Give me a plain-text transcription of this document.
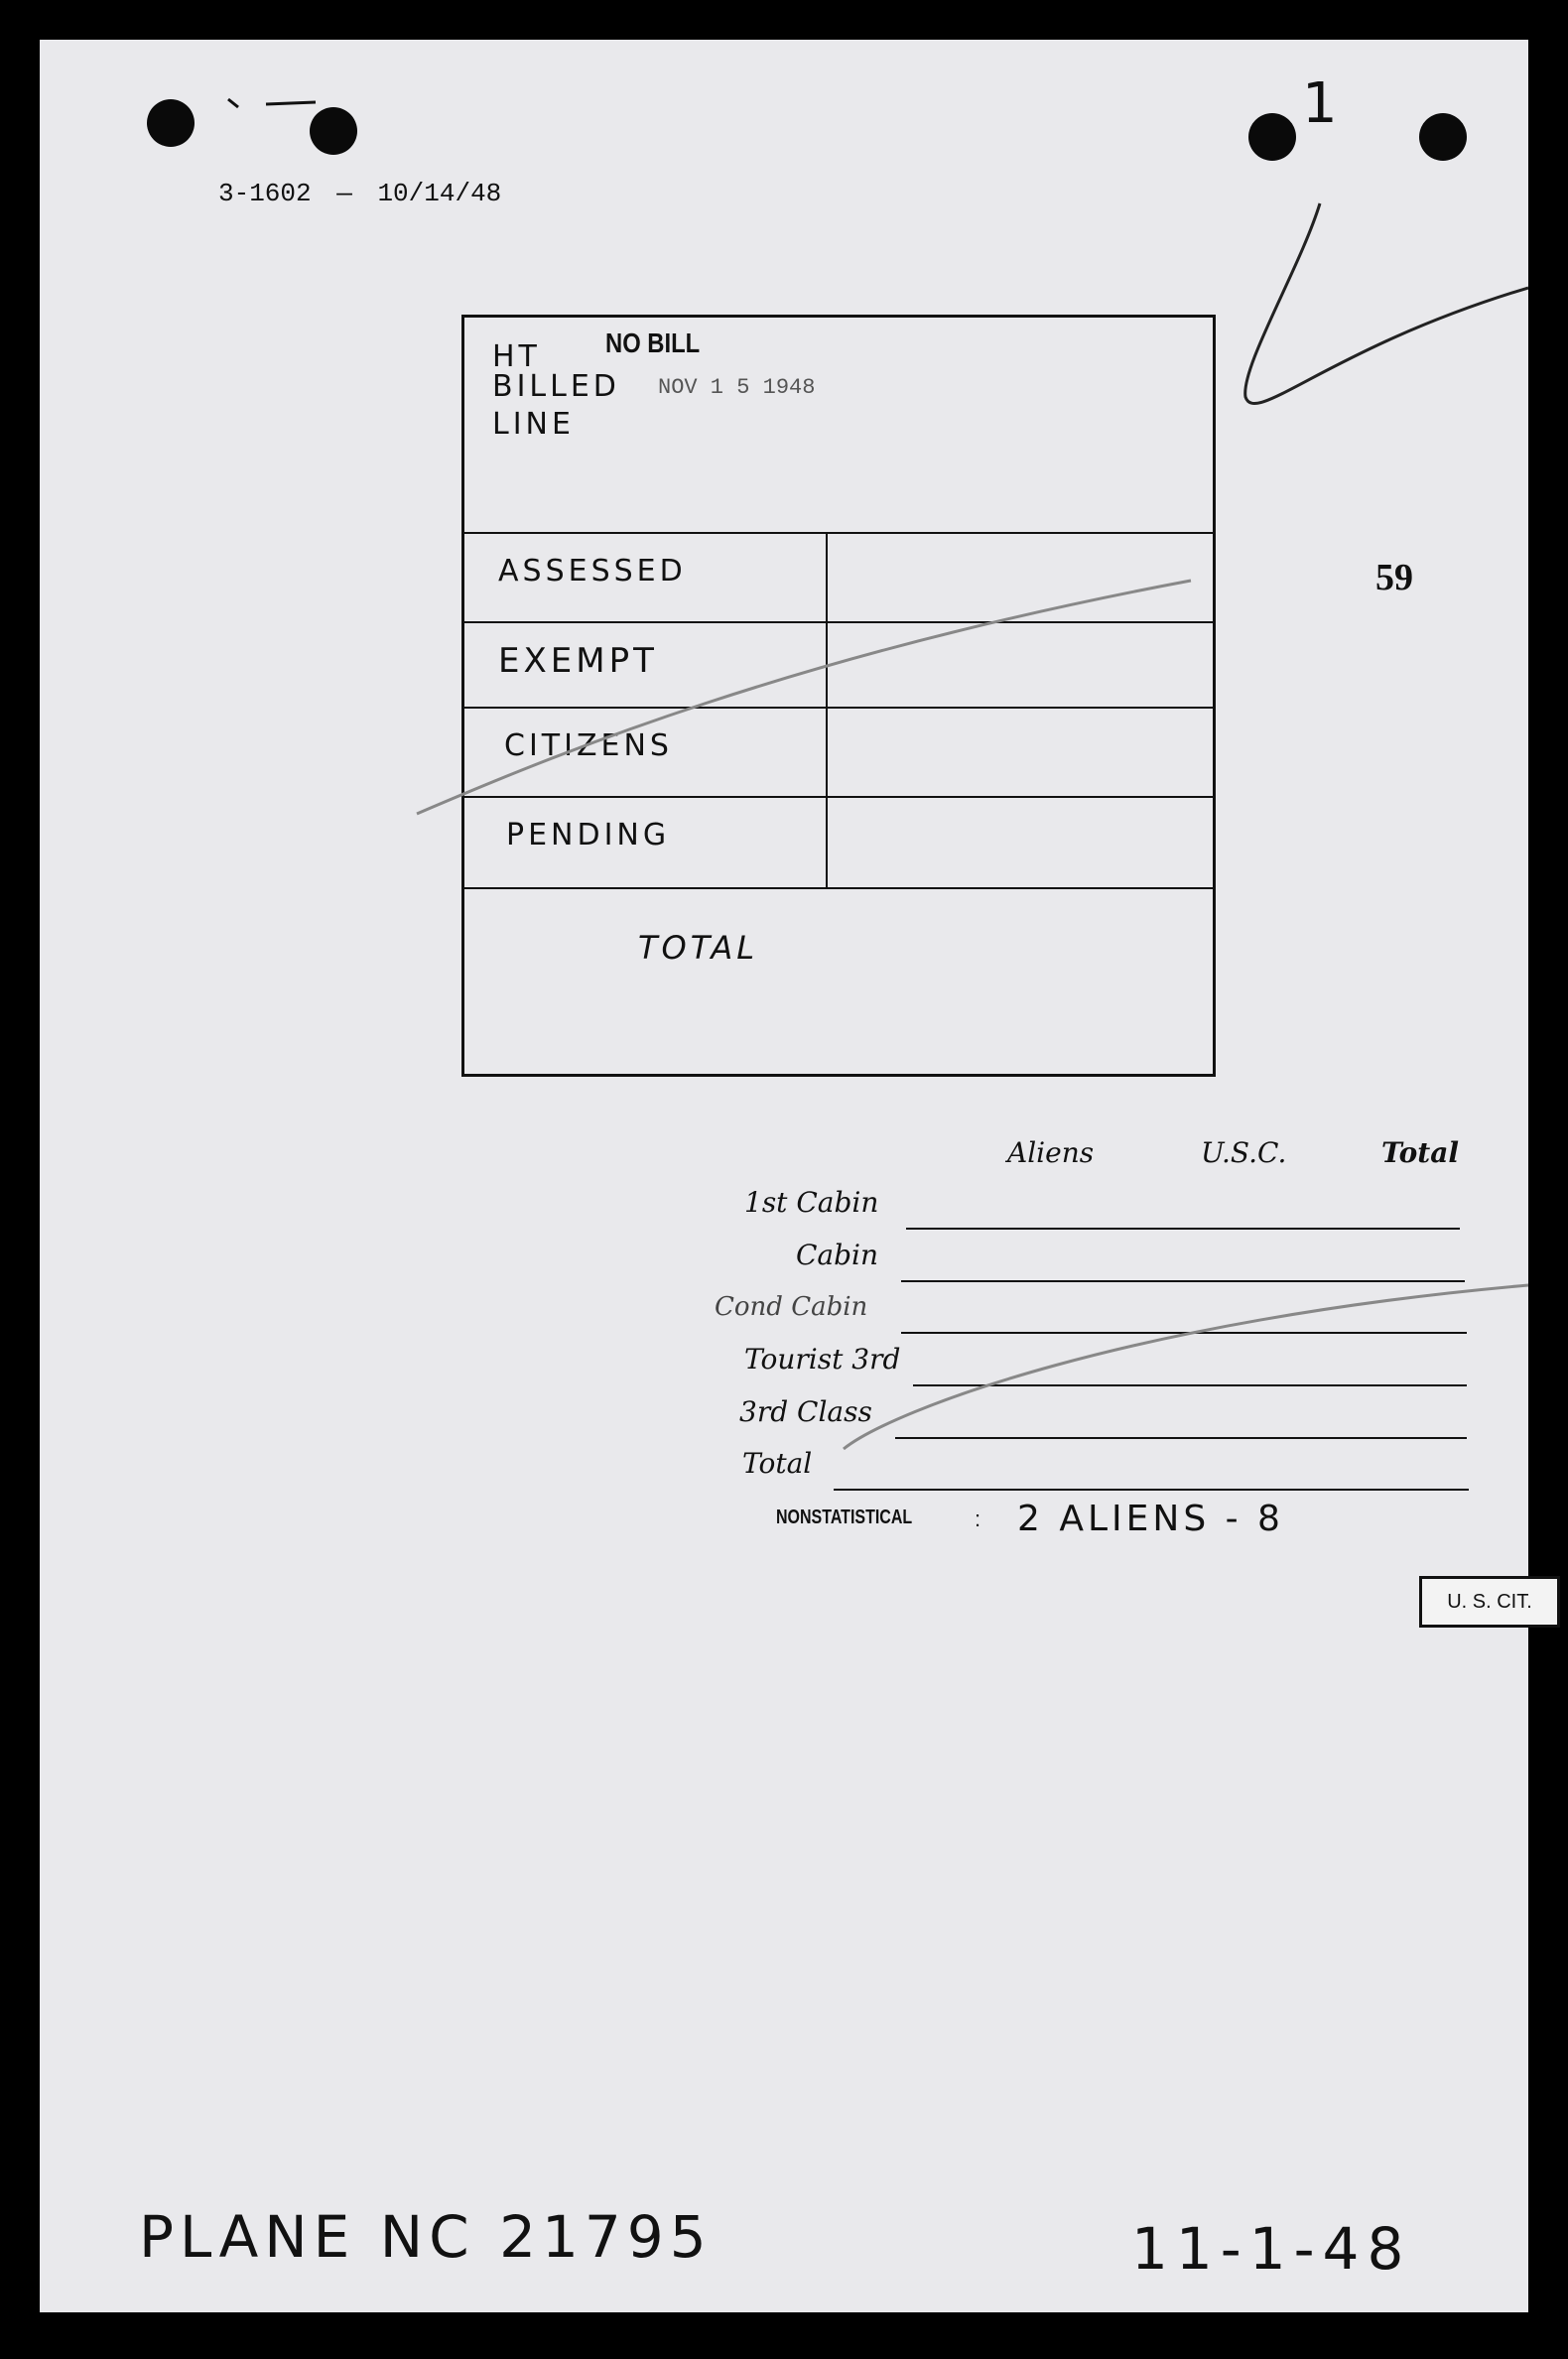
3-1602 — 10/14/48
1
HT NO BILL
BILLED NOV 1 5 1948
LINE
ASSESSED
EXEMPT
CITIZENS
PENDING
TOTAL
59
Aliens	U.S.C.	Total
1st Cabin
Cabin
Cond Cabin
Tourist 3rd
3rd Class
Total
NONSTATISTICAL	: 2 ALIENS - 8
U. S. CIT.
PLANE NC 21795	11-1-48
